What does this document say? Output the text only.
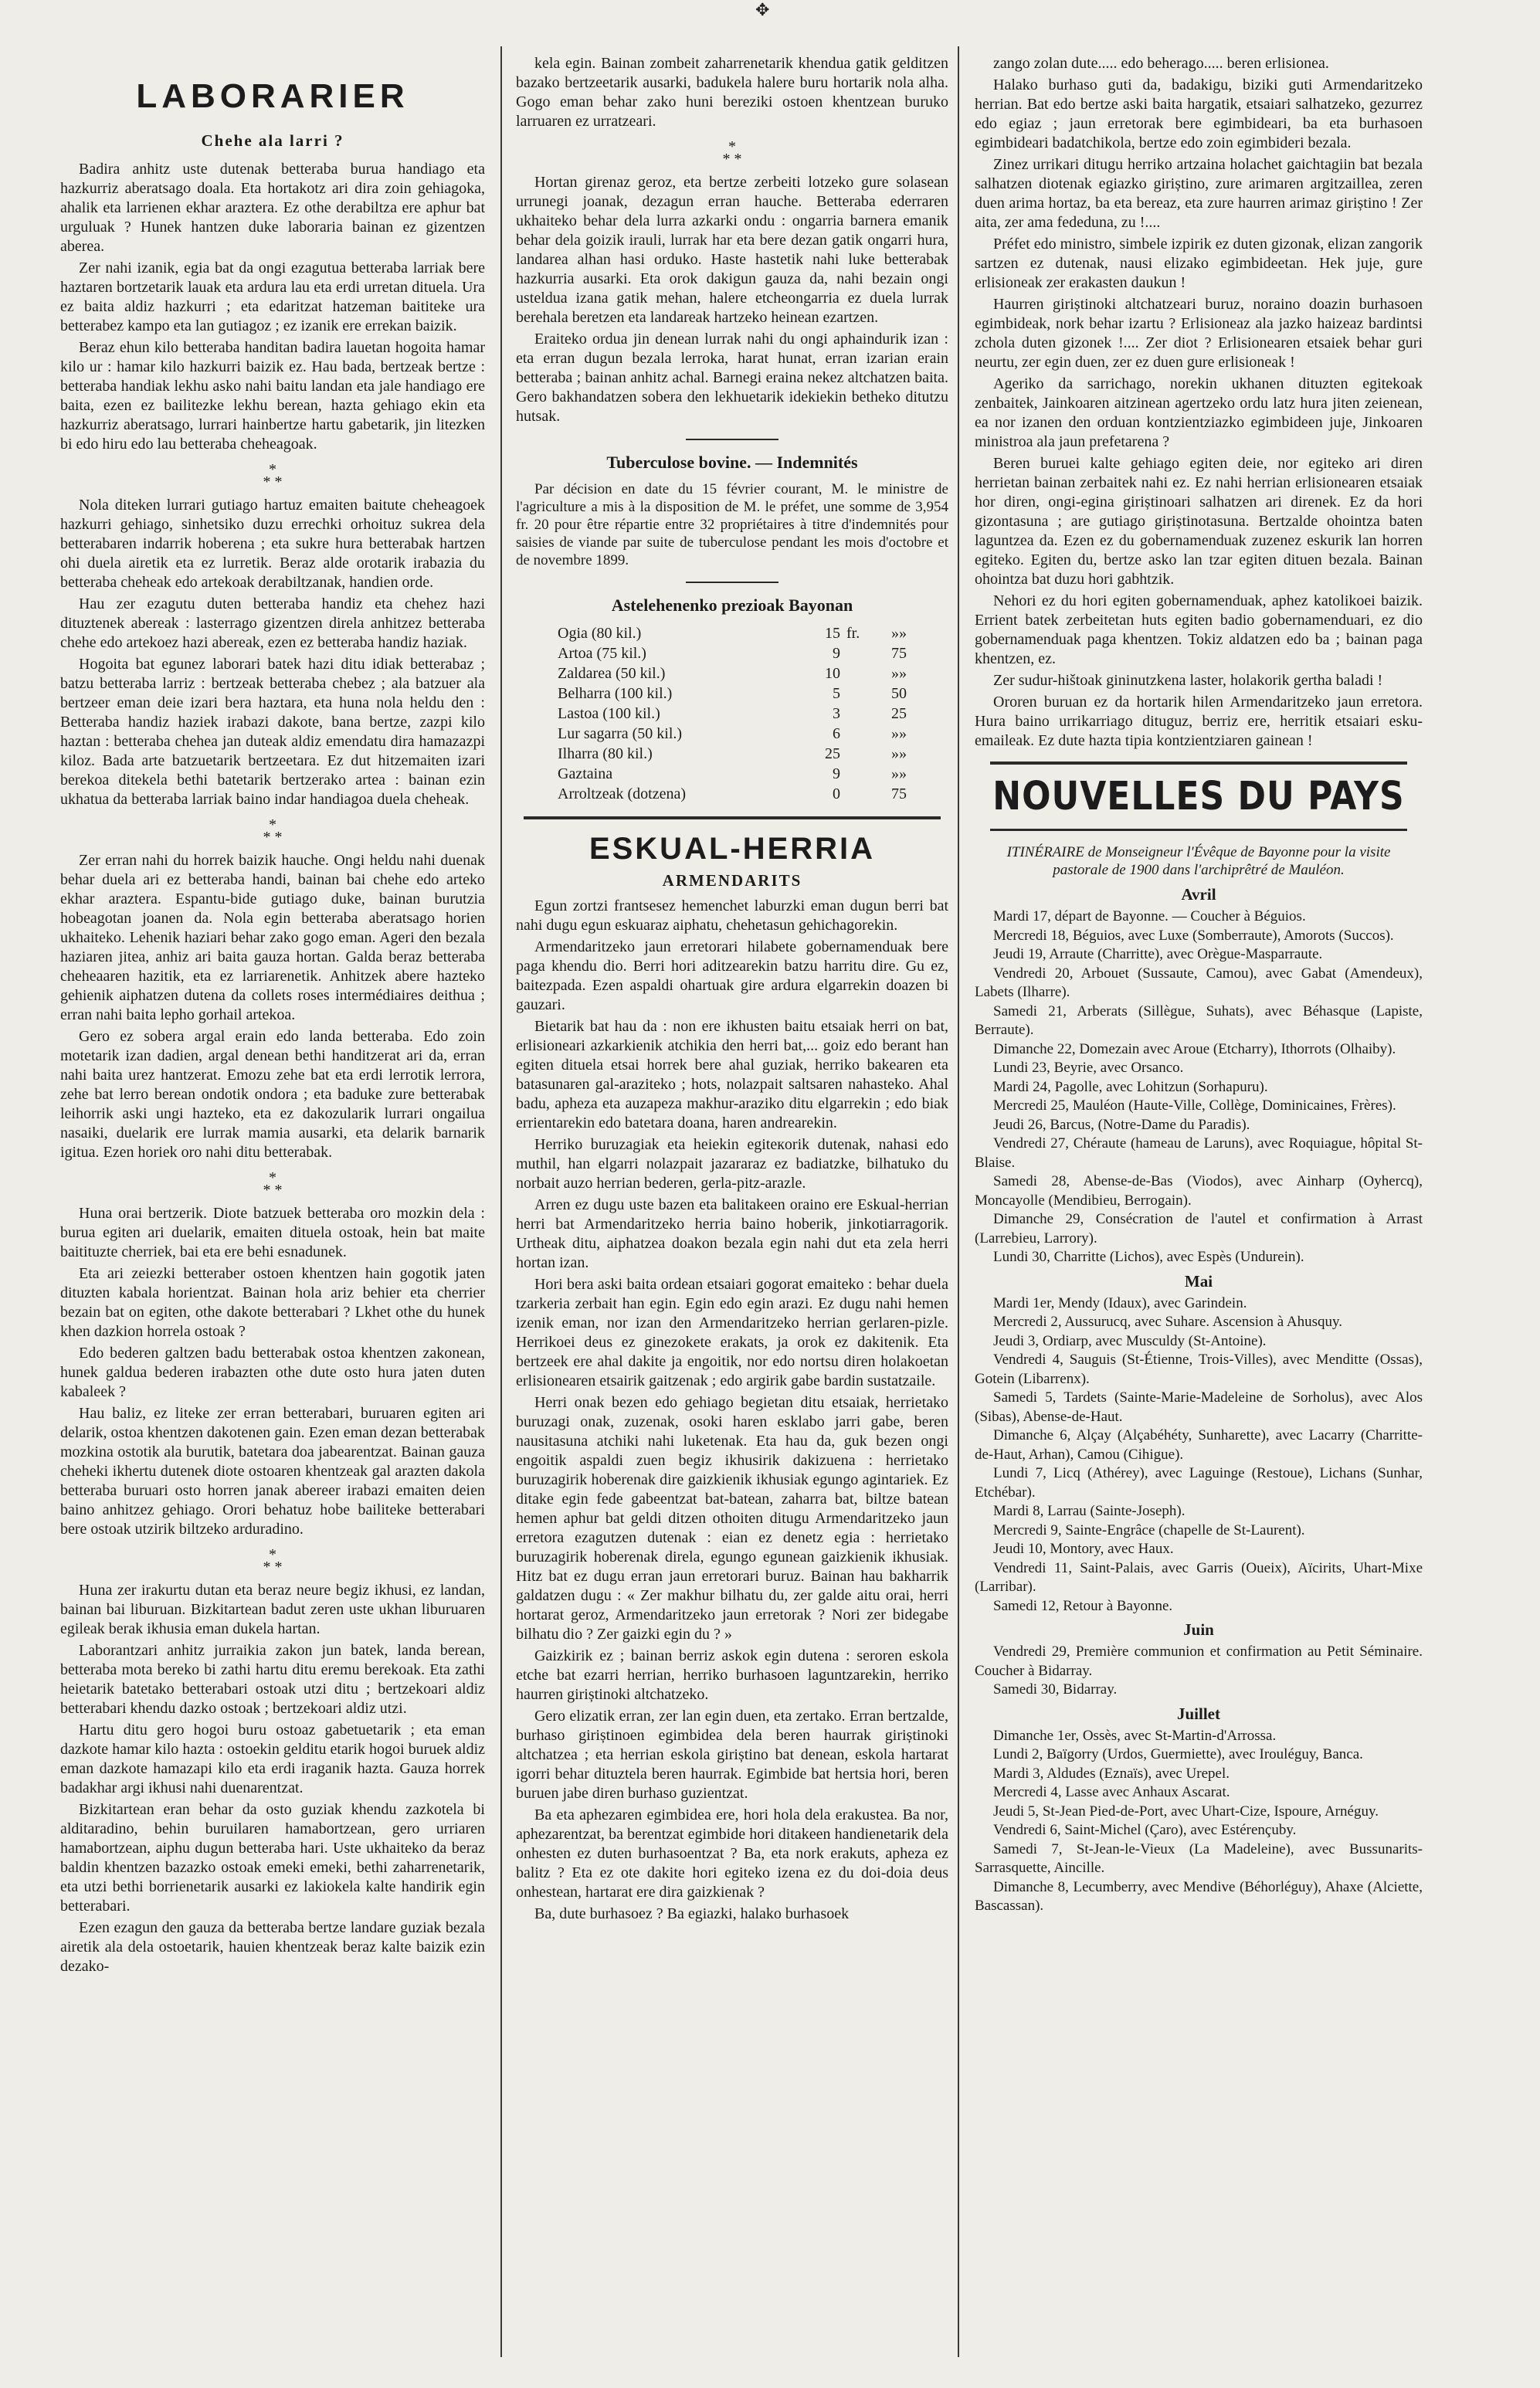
✥
LABORARIER
Chehe ala larri ?

Badira anhitz uste dutenak betteraba burua handiago eta hazkurriz aberatsago doala. Eta hortakotz ari dira zoin gehiagoka, ahalik eta larrienen ekhar araztera. Ez othe derabiltza ere aphur bat urguluak ? Hunek hantzen duke laboraria bainan ez gizentzen aberea.

Zer nahi izanik, egia bat da ongi ezagutua betteraba larriak bere haztaren bortzetarik lauak eta ardura lau eta erdi urretan dituela. Ura ez baita aldiz hazkurri ; eta edaritzat hatzeman baititeke ura betterabez kampo eta lan gutiagoz ; ez izanik ere errekan baizik.

Beraz ehun kilo betteraba handitan badira lauetan hogoita hamar kilo ur : hamar kilo hazkurri baizik ez. Hau bada, bertzeak bertze : betteraba handiak lekhu asko nahi baitu landan eta jale handiago ere baita, ezen ez bailitezke lekhu berean, hazta gehiago ekin eta hazkurriz aberatsago, lurrari hainbertze hartu gabetarik, jin litezken bi edo hiru edo lau betteraba cheheagoak.

*
* *

Nola diteken lurrari gutiago hartuz emaiten baitute cheheagoek hazkurri gehiago, sinhetsiko duzu errechki orhoituz sukrea dela betterabaren indarrik hoberena ; eta sukre hura betterabak hartzen ohi duela airetik eta ez lurretik. Beraz alde orotarik irabazia du betteraba cheheak edo artekoak derabiltzanak, handien orde.

Hau zer ezagutu duten betteraba handiz eta chehez hazi dituztenek abereak : lasterrago gizentzen direla anhitzez betteraba chehe edo artekoez hazi abereak, ezen ez betteraba handiz haziak.

Hogoita bat egunez laborari batek hazi ditu idiak betterabaz ; batzu betteraba larriz : bertzeak betteraba chebez ; ala batzuer ala bertzeer eman deie izari bera haztara, eta huna nola heldu den : Betteraba handiz haziek irabazi dakote, bana bertze, zazpi kilo haztan : betteraba chehea jan duteak aldiz emendatu dira hamazazpi kiloz. Bada arte batzuetarik bertzeetara. Ez dut hitzemaiten izari berekoa ditekela bethi batetarik bertzerako artea : bainan ezin ukhatua da betteraba larriak baino indar handiagoa duela cheheak.

*
* *

Zer erran nahi du horrek baizik hauche. Ongi heldu nahi duenak behar duela ari ez betteraba handi, bainan bai chehe edo arteko ekhar araztera. Espantu-bide gutiago duke, bainan burutzia hobeagotan joanen da. Nola egin betteraba aberatsago horien ukhaiteko. Lehenik haziari behar zako gogo eman. Ageri den bezala haziaren jitea, anhiz ari baita gauza hortan. Galda beraz betteraba cheheaaren hazitik, eta ez larriarenetik. Anhitzek abere hazteko gehienik aiphatzen dutena da collets roses intermédiaires deithua ; erran nahi baita lepho gorhail artekoa.

Gero ez sobera argal erain edo landa betteraba. Edo zoin motetarik izan dadien, argal denean bethi handitzerat ari da, erran nahi baita urez hantzerat. Emozu zehe bat eta erdi lerrotik lerrora, zehe bat lerro berean ondotik ondora ; eta badukе zure betterabak leihorrik aski ungi hazteko, eta ez dakozularik lurrari ongailua nasaiki, duelarik ere lurrak mamia ausarki, eta delarik barnarik igitua. Ezen horiek oro nahi ditu betterabak.

*
* *

Huna orai bertzerik. Diote batzuek betteraba oro mozkin dela : burua egiten ari duelarik, emaiten dituela ostoak, hein bat maite baitituzte cherriek, bai eta ere behi esnadunek.

Eta ari zeiezki betteraber ostoen khentzen hain gogotik jaten dituzten kabala horientzat. Bainan hola ariz behier eta cherrier bezain bat on egiten, othe dakote betterabari ? Lkhet othe du hunek khen dazkion horrela ostoak ?

Edo bederen galtzen badu betterabak ostoa khentzen zakonean, hunek galdua bederen irabazten othe dute osto hura jaten duten kabaleek ?

Hau baliz, ez liteke zer erran betterabari, buruaren egiten ari delarik, ostoa khentzen dakotenen gain. Ezen eman dezan betterabak mozkina ostotik ala burutik, batetara doa jabearentzat. Bainan gauza cheheki ikhertu dutenek diote ostoaren khentzeak gal arazten dakola betteraba buruari osto horren janak abereer irabazi emaiten deien baino anhitzez gehiago. Orori behatuz hobe bailiteke betterabari bere ostoak utzirik biltzeko arduradino.

*
* *

Huna zer irakurtu dutan eta beraz neure begiz ikhusi, ez landan, bainan bai liburuan. Bizkitartean badut zeren uste ukhan liburuaren egileak berak ikhusia eman dukela hartan.

Laborantzari anhitz jurraikia zakon jun batek, landa berean, betteraba mota bereko bi zathi hartu ditu eremu berekoak. Eta zathi heietarik batetako betterabari ostoak utzi ditu ; bertzekoari aldiz betterabari khendu dazko ostoak ; bertzekoari aldiz utzi.

Hartu ditu gero hogoi buru ostoaz gabetuetarik ; eta eman dazkote hamar kilo hazta : ostoekin gelditu etarik hogoi buruek aldiz eman dazkote hamazapi kilo eta erdi iraganik hazta. Gauza horrek badakhar argi ikhusi nahi duenarentzat.

Bizkitartean eran behar da osto guziak khendu zazkotela bi alditaradino, behin buruilaren hamabortzean, gero urriaren hamabortzean, aiphu dugun betteraba hari. Uste ukhaiteko da beraz baldin khentzen bazazko ostoak emeki emeki, bethi zaharrenetarik, eta utzi bethi borrienetarik ausarki ez lakiokela kalte handirik egin betterabari.

Ezen ezagun den gauza da betteraba bertze landare guziak bezala airetik ala dela ostoetarik, hauien khentzeak beraz kalte baizik ezin dezako-

kela egin. Bainan zombeit zaharrenetarik khendua gatik gelditzen bazako bertzeetarik ausarki, badukela halere buru hortarik nola alha. Gogo eman behar zako huni bereziki ostoen khentzean buruko larruaren ez urratzeari.

*
* *

Hortan girenaz geroz, eta bertze zerbeiti lotzeko gure solasean urrunegi joanak, dezagun erran hauche. Betteraba ederraren ukhaiteko behar dela lurra azkarki ondu : ongarria barnera emanik behar dela goizik irauli, lurrak har eta bere dezan gatik ongarri hura, landarea alhan hasi orduko. Haste hastetik nahi luke betterabak hazkurria ausarki. Eta orok dakigun gauza da, nahi bezain ongi usteldua izana gatik mehan, halere etcheongarria ez duela lurrak berehala beretzen eta landareak hartzeko heinean ezartzen.

Eraiteko ordua jin denean lurrak nahi du ongi aphaindurik izan : eta erran dugun bezala lerroka, harat hunat, erran izarian erain betteraba ; bainan anhitz achal. Barnegi erainа nekez altchatzen baita. Gero bakhandatzen sobera den lekhuetarik idekiekin betheko ditutzu hutsak.

Tuberculose bovine. — Indemnités

Par décision en date du 15 février courant, M. le ministre de l'agriculture a mis à la disposition de M. le préfet, une somme de 3,954 fr. 20 pour être répartie entre 32 propriétaires à titre d'indemnités pour saisies de viande par suite de tuberculose pendant les mois d'octobre et de novembre 1899.

Astelehenenko preziоak Bayonan
Ogia (80 kil.)	15	fr.	»»
Artoa (75 kil.)	9		75
Zaldarea (50 kil.)	10		»»
Belharra (100 kil.)	5		50
Lastoa (100 kil.)	3		25
Lur sagarra (50 kil.)	6		»»
Ilharra (80 kil.)	25		»»
Gaztaina	9		»»
Arroltzeak (dotzena)	0		75
ESKUAL-HERRIA
ARMENDARITS

Egun zortzi frantsesez hemenchet laburzki eman dugun berri bat nahi dugu egun eskuaraz aiphatu, chehetasun gehichagorekin.

Armendaritzeko jaun erretorari hilabete gobernamenduak bere paga khendu dio. Berri hori aditzearekin batzu harritu dire. Gu ez, baitezpada. Ezen aspaldi ohartuak gire ardura elgarrekin doazen bi gauzari.

Bietarik bat hau da : non ere ikhusten baitu etsaiak herri on bat, erlisioneari azkarkienik atchikia den herri bat,... goiz edo berant han egiten dituela etsai horrek bere ahal guziak, herriko bakearen eta batasunaren gal-araziteko ; hots, nolazpait saltsaren nahasteko. Ahal badu, apheza eta auzapeza makhur-araziko ditu elgarrekin ; edo biak errientarekin edo batetara doana, haren andrearekin.

Herriko buruzagiak eta heiekin egiteкorik dutenak, nahasi edo muthil, han elgarri nolazpait jazararaz ez badiatzke, bilhatuko du norbait auzo herrian bederen, gerla-pitz-arazle.

Arren ez dugu uste bazen eta balitakeen oraino ere Eskual-herrian herri bat Armendaritzeko herria baino hoberik, jinkotiarragorik. Urtheak ditu, aiphatzea doakon bezala egin nahi dut eta zela herri hortan izan.

Hori bera aski baita ordean etsaiari gogorat emaiteko : behar duela tzarkeria zerbait han egin. Egin edo egin arazi. Ez dugu nahi hemen izenik eman, nor izan den Armendaritzeko herrian gerlaren-pizle. Herrikoei deus ez ginezokete erakats, ja orok ez dakitenik. Eta bertzeek ere ahal dakite ja engoitik, nor edo nortsu diren holakoetan erlisionearen etsairik gaitzenak ; edo argirik gabe bardin sustatzaile.

Herri onak bezen edo gehiago begietan ditu etsaiak, herrietako buruzagi onak, zuzenak, osoki haren esklabo jarri gabe, beren nausitasuna atchiki nahi luketenak. Eta hau da, guk bezen ongi engoitik aspaldi zuen begiz ikhusirik dakizuena : herrietako buruzagirik hoberenak dire gaizkienik ikhusiak egungo agintariek. Ez ditake egin fede gabeentzat bat-batean, zaharra bat, biltze batean hemen aphur bat geldi ditzen othoiten ditugu Armendaritzeko jaun erretora ezagutzen dutenak : eian ez denetz egia : herrietako buruzagirik hoberenak direla, egungo egunean gaizkienik ikhusiak. Hitz bat ez dugu erran jaun erretorari buruz. Bainan hau bakharrik galdatzen dugu : « Zer makhur bilhatu du, zer galde aitu orai, herri hortarat geroz, Armendaritzeko jaun erretorak ? Nori zer bidegabe bilhatu dio ? Zer gaizki egin du ? »

Gaizkirik ez ; bainan berriz askok egin dutena : seroren eskola etche bat ezarri herrian, herriko burhasoen laguntzarekin, herriko haurren giriștinoki altchatzeko.

Gero elizatik erran, zer lan egin duen, eta zertako. Erran bertzalde, burhaso giriștinoen egimbidea dela beren haurrak giriștinoki altchatzea ; eta herrian eskola giriștino bat denean, eskola hartarat igorri behar dituztela beren haurrak. Egimbide bat hertsia hori, beren buruen jabe diren burhaso guzientzat.

Ba eta aphezaren egimbidea ere, hori hola dela erakustea. Ba nor, aphezarentzat, ba berentzat egimbide hori ditakeen handienetarik dela onhesten ez duten burhasoentzat ? Ba, eta nork erakuts, apheza ez balitz ? Eta ez ote dakite hori egiteko izena ez du doi-doia deus onhestean, hartarat ere dira gaizkienak ?

Ba, dute burhasoez ? Ba egiazki, halako burhasoek

zango zolan dute..... edo beherago..... beren erlisionea.

Halako burhaso guti da, badakigu, biziki guti Armendaritzeko herrian. Bat edo bertze aski baita hargatik, etsaiari salhatzeko, gezurrez edo egiaz ; jaun erretorak bere egimbideari, ba eta burhasoen egimbideari badatchikola, bertze edo zoin egimbideri bezala.

Zinez urrikari ditugu herriko artzaina holachet gaichtagiin bat bezala salhatzen diotenak egiazko giriștino, zure arimaren argitzaillea, zeren duen arima hortaz, ba eta bereaz, eta zure haurren arimaz giriștino ! Zer aita, zer ama fededuna, zu !....

Préfet edo ministro, simbele izpirik ez duten gizonak, elizan zangorik sartzen ez dutenak, nausi elizako egimbideetan. Hek juje, gure erlisioneak zer erakasten daukun !

Haurren giriștinoki altchatzeari buruz, noraino doazin burhasoen egimbideak, nork behar izartu ? Erlisioneaz ala jazko haizeaz bardintsi zchola duten gizonek !.... Zer diot ? Erlisionearen etsaiek behar guri neurtu, zer egin duen, zer ez duen gure erlisioneak !

Ageriko da sarrichago, norekin ukhanen dituzten egitekoak zenbaitek, Jainkoaren aitzinean agertzeko ordu latz hura jiten zeienean, ea nor izanen den orduan kontzientziazko egimbideen juje, Jinkoaren ministroa ala jaun prefetarena ?

Beren buruei kalte gehiago egiten deie, nor egiteko ari diren herrietan bainan zerbaitek nahi ez. Ez nahi herrian erlisionearen etsaiak hor diren, ongi-egina giriștinoari salhatzen ari direnek. Ez da hori gizontasuna ; are gutiago giriștinotasuna. Bertzalde ohointza baten laguntzea da. Ezen ez du gobernamenduak zuzenez eskurik lan horren egiteko. Egiten du, bertze asko lan tzar egiten dituen bezala. Bainan ohointza bat duzu hori gabhtzik.

Nehori ez du hori egiten gobernamenduak, aphez katolikoei baizik. Errient batek zerbeitetan huts egiten badio gobernamenduari, ez dio gobernamenduak paga khentzen. Tokiz aldatzen edo ba ; bainan paga khentzen, ez.

Zer sudur-hištoak gininutzkena laster, holakorik gertha baladi !

Ororen buruan ez da hortarik hilen Armendaritzeko jaun erretora. Hura baino urrikarriago dituguz, berriz ere, herritik etsaiari esku-emaileak. Ez dute hazta tipia kontzientziaren gainean !

NOUVELLES DU PAYS
ITINÉRAIRE de Monseigneur l'Évêque de Bayonne pour la visite pastorale de 1900 dans l'archiprêtré de Mauléon.
Avril

Mardi 17, départ de Bayonne. — Coucher à Béguios.

Mercredi 18, Béguios, avec Luxe (Somberraute), Amorots (Succos).

Jeudi 19, Arraute (Charritte), avec Orègue-Masparraute.

Vendredi 20, Arbouet (Sussaute, Camou), avec Gabat (Amendeux), Labets (Ilharre).

Samedi 21, Arberats (Sillègue, Suhats), avec Béhasque (Lapiste, Berraute).

Dimanche 22, Domezain avec Aroue (Etcharry), Ithorrots (Olhaiby).

Lundi 23, Beyrie, avec Orsanco.

Mardi 24, Pagolle, avec Lohitzun (Sorhapuru).

Mercredi 25, Mauléon (Haute-Ville, Collège, Dominicaines, Frères).

Jeudi 26, Barcus, (Notre-Dame du Paradis).

Vendredi 27, Chéraute (hameau de Laruns), avec Roquiague, hôpital St-Blaise.

Samedi 28, Abense-de-Bas (Viodos), avec Ainharp (Oyhercq), Moncayolle (Mendibieu, Berrogain).

Dimanche 29, Consécration de l'autel et confirmation à Arrast (Larrebieu, Larrory).

Lundi 30, Charritte (Lichos), avec Espès (Undurein).

Mai

Mardi 1er, Mendy (Idaux), avec Garindein.

Mercredi 2, Aussurucq, avec Suhare. Ascension à Ahusquy.

Jeudi 3, Ordiarp, avec Musculdy (St-Antoine).

Vendredi 4, Sauguis (St-Étienne, Trois-Villes), avec Menditte (Ossas), Gotein (Libarrenx).

Samedi 5, Tardets (Sainte-Marie-Madeleine de Sorholus), avec Alos (Sibas), Abense-de-Haut.

Dimanche 6, Alçay (Alçabéhéty, Sunharette), avec Lacarry (Charritte-de-Haut, Arhan), Camou (Cihigue).

Lundi 7, Licq (Athérey), avec Laguinge (Restoue), Lichans (Sunhar, Etchébar).

Mardi 8, Larrau (Sainte-Joseph).

Mercredi 9, Sainte-Engrâce (chapelle de St-Laurent).

Jeudi 10, Montory, avec Haux.

Vendredi 11, Saint-Palais, avec Garris (Oueix), Aïcirits, Uhart-Mixe (Larribar).

Samedi 12, Retour à Bayonne.

Juin

Vendredi 29, Première communion et confirmation au Petit Séminaire. Coucher à Bidarray.

Samedi 30, Bidarray.

Juillet

Dimanche 1er, Ossès, avec St-Martin-d'Arrossa.

Lundi 2, Baïgorry (Urdos, Guermiette), avec Irouléguy, Banca.

Mardi 3, Aldudes (Eznaïs), avec Urepel.

Mercredi 4, Lasse avec Anhaux Ascarat.

Jeudi 5, St-Jean Pied-de-Port, avec Uhart-Cize, Ispoure, Arnéguy.

Vendredi 6, Saint-Michel (Çaro), avec Estérençuby.

Samedi 7, St-Jean-le-Vieux (La Madeleine), avec Bussunarits-Sarrasquette, Aincille.

Dimanche 8, Lecumberry, avec Mendive (Béhorléguy), Ahaxe (Alciette, Bascassan).
